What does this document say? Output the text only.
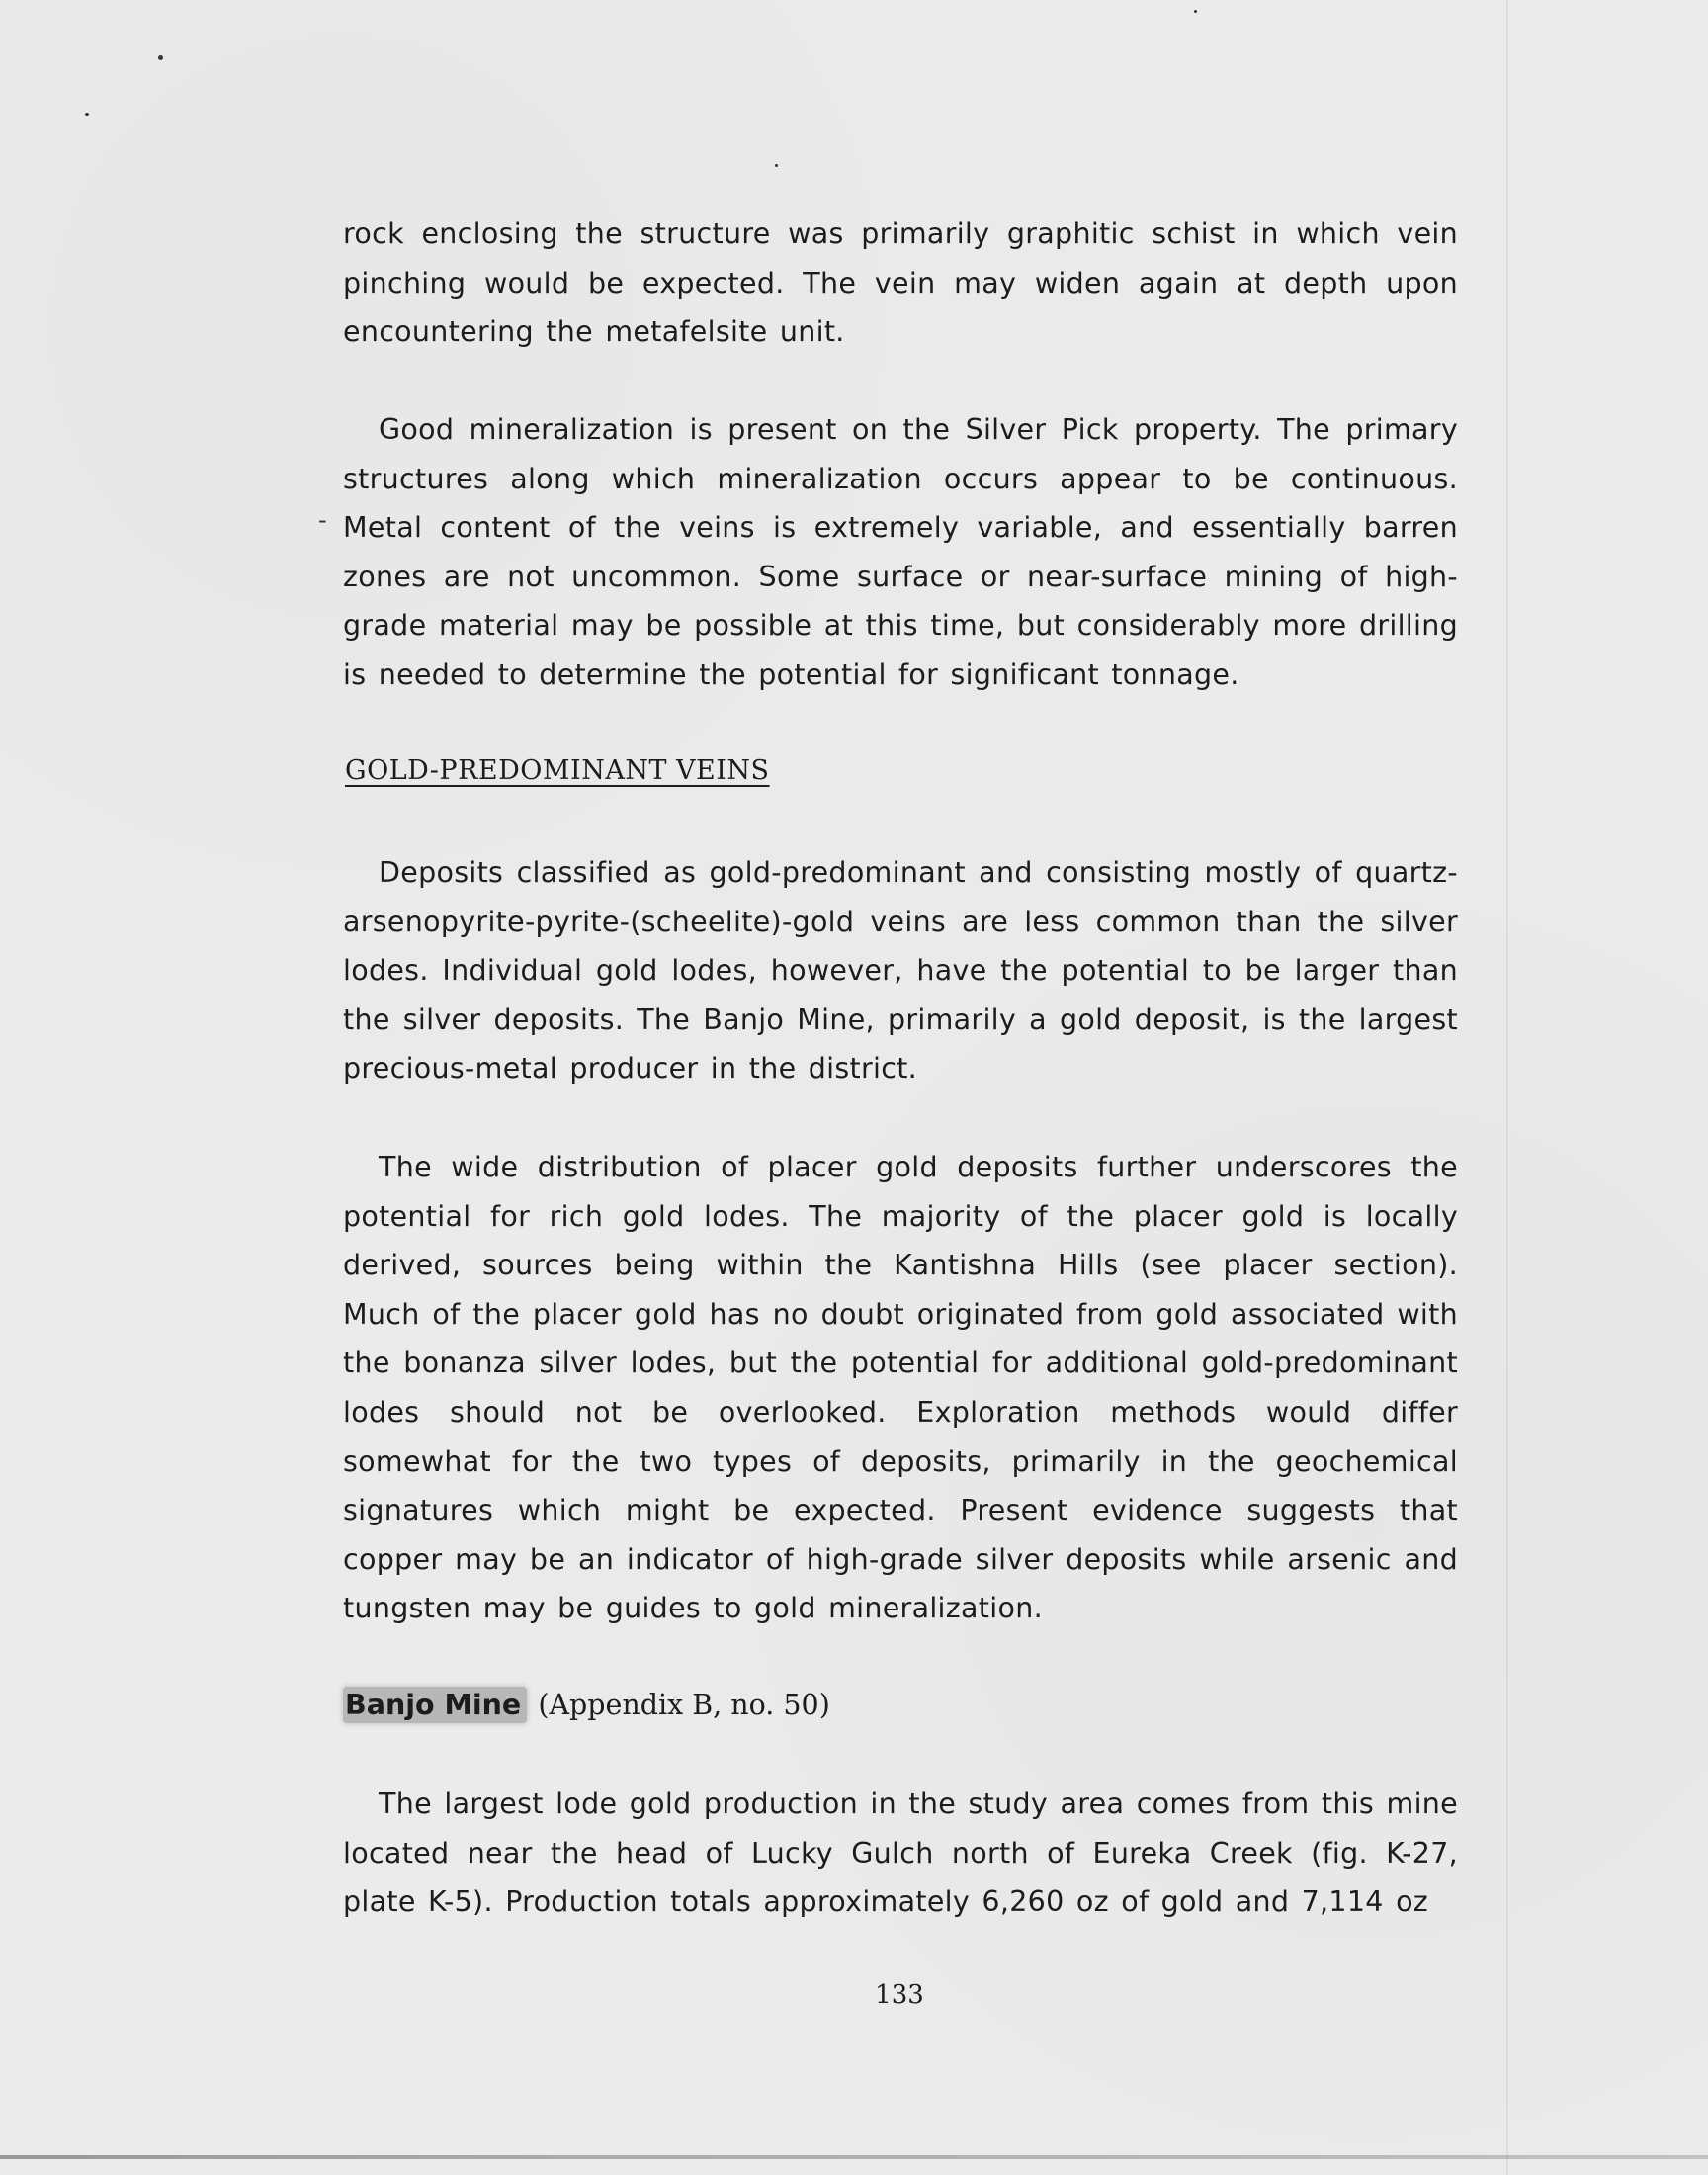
rock enclosing the structure was primarily graphitic schist in which vein pinching would be expected. The vein may widen again at depth upon encountering the metafelsite unit.

-

Good mineralization is present on the Silver Pick property. The primary structures along which mineralization occurs appear to be continuous. Metal content of the veins is extremely variable, and essentially barren zones are not uncommon. Some surface or near-surface mining of high-grade material may be possible at this time, but considerably more drilling is needed to determine the potential for significant tonnage.

GOLD-PREDOMINANT VEINS

Deposits classified as gold-predominant and consisting mostly of quartz-arsenopyrite-pyrite-(scheelite)-gold veins are less common than the silver lodes. Individual gold lodes, however, have the potential to be larger than the silver deposits. The Banjo Mine, primarily a gold deposit, is the largest precious-metal producer in the district.

The wide distribution of placer gold deposits further underscores the potential for rich gold lodes. The majority of the placer gold is locally derived, sources being within the Kantishna Hills (see placer section). Much of the placer gold has no doubt originated from gold associated with the bonanza silver lodes, but the potential for additional gold-predominant lodes should not be overlooked. Exploration methods would differ somewhat for the two types of deposits, primarily in the geochemical signatures which might be expected. Present evidence suggests that copper may be an indicator of high-grade silver deposits while arsenic and tungsten may be guides to gold mineralization.

Banjo Mine (Appendix B, no. 50)

The largest lode gold production in the study area comes from this mine located near the head of Lucky Gulch north of Eureka Creek (fig. K-27, plate K-5). Production totals approximately 6,260 oz of gold and 7,114 oz

133
